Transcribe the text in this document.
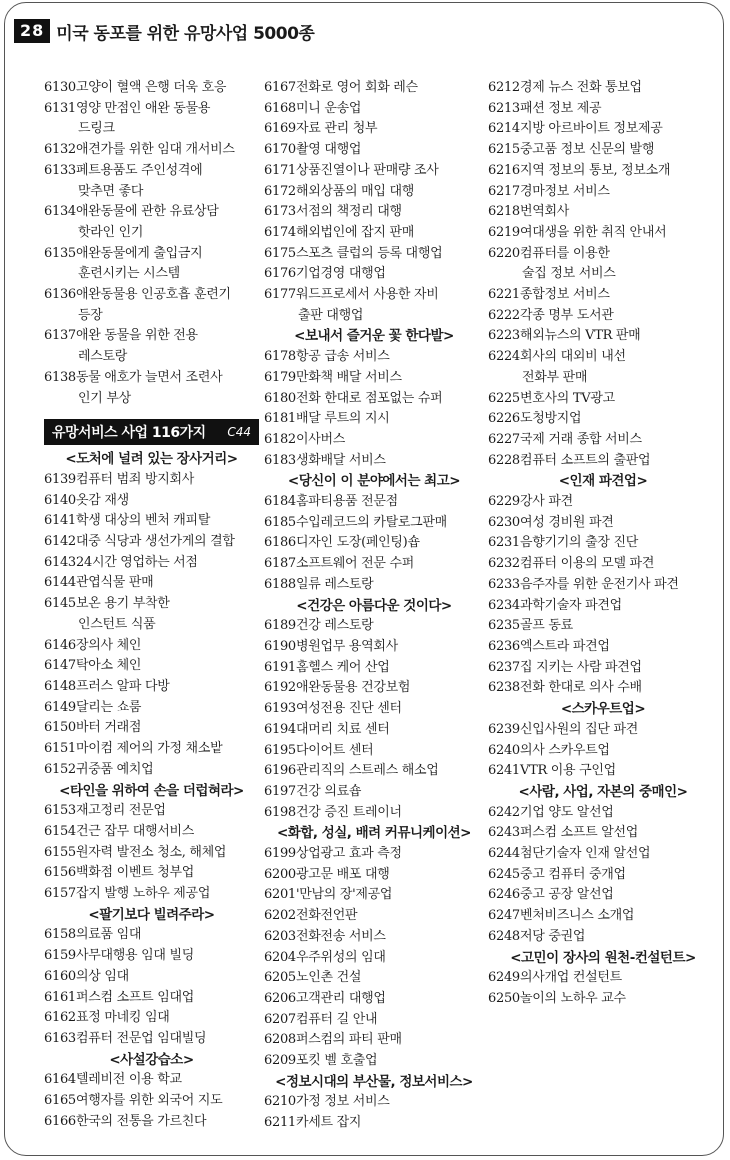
28 미국 동포를 위한 유망사업 5000종
6130 고양이 혈액 은행 더욱 호응
6131 영양 만점인 애완 동물용
드링크
6132 애견가를 위한 임대 개서비스
6133 페트용품도 주인성격에
맞추면 좋다
6134 애완동물에 관한 유료상담
핫라인 인기
6135 애완동물에게 출입금지
훈련시키는 시스템
6136 애완동물용 인공호흡 훈련기
등장
6137 애완 동물을 위한 전용
레스토랑
6138 동물 애호가 늘면서 조련사
인기 부상
유망서비스 사업 116가지 C44
<도처에 널려 있는 장사거리>
6139 컴퓨터 범죄 방지회사
6140 옷감 재생
6141 학생 대상의 벤처 캐피탈
6142 대중 식당과 생선가게의 결합
6143 24시간 영업하는 서점
6144 관엽식물 판매
6145 보온 용기 부착한
인스턴트 식품
6146 장의사 체인
6147 탁아소 체인
6148 프러스 알파 다방
6149 달리는 쇼룸
6150 바터 거래점
6151 마이컴 제어의 가정 채소밭
6152 귀중품 예치업
<타인을 위하여 손을 더럽혀라>
6153 재고정리 전문업
6154 건근 잡무 대행서비스
6155 원자력 발전소 청소, 해체업
6156 백화점 이벤트 청부업
6157 잡지 발행 노하우 제공업
<팔기보다 빌려주라>
6158 의료품 임대
6159 사무대행용 임대 빌딩
6160 의상 임대
6161 퍼스컴 소프트 임대업
6162 표정 마네킹 임대
6163 컴퓨터 전문업 임대빌딩
<사설강습소>
6164 텔레비전 이용 학교
6165 여행자를 위한 외국어 지도
6166 한국의 전통을 가르친다
6167 전화로 영어 회화 레슨
6168 미니 운송업
6169 자료 관리 청부
6170 촬영 대행업
6171 상품진열이나 판매량 조사
6172 해외상품의 매입 대행
6173 서점의 책정리 대행
6174 해외법인에 잡지 판매
6175 스포츠 클럽의 등록 대행업
6176 기업경영 대행업
6177 워드프로세서 사용한 자비
출판 대행업
<보내서 즐거운 꽃 한다발>
6178 항공 급송 서비스
6179 만화책 배달 서비스
6180 전화 한대로 점포없는 슈퍼
6181 배달 루트의 지시
6182 이사버스
6183 생화배달 서비스
<당신이 이 분야에서는 최고>
6184 홈파티용품 전문점
6185 수입레코드의 카탈로그판매
6186 디자인 도장(페인팅)숍
6187 소프트웨어 전문 수퍼
6188 일류 레스토랑
<건강은 아름다운 것이다>
6189 건강 레스토랑
6190 병원업무 용역회사
6191 홈헬스 케어 산업
6192 애완동물용 건강보험
6193 여성전용 진단 센터
6194 대머리 치료 센터
6195 다이어트 센터
6196 관리직의 스트레스 해소업
6197 건강 의료숍
6198 건강 증진 트레이너
<화합, 성실, 배려 커뮤니케이션>
6199 상업광고 효과 측정
6200 광고문 배포 대행
6201 '만남의 장'제공업
6202 전화전언판
6203 전화전송 서비스
6204 우주위성의 임대
6205 노인촌 건설
6206 고객관리 대행업
6207 컴퓨터 길 안내
6208 퍼스컴의 파티 판매
6209 포킷 벨 호출업
<정보시대의 부산물, 정보서비스>
6210 가정 정보 서비스
6211 카세트 잡지
6212 경제 뉴스 전화 통보업
6213 패션 정보 제공
6214 지방 아르바이트 정보제공
6215 중고품 정보 신문의 발행
6216 지역 정보의 통보, 정보소개
6217 경마정보 서비스
6218 번역회사
6219 여대생을 위한 취직 안내서
6220 컴퓨터를 이용한
술집 정보 서비스
6221 종합정보 서비스
6222 각종 명부 도서관
6223 해외뉴스의 VTR 판매
6224 회사의 대외비 내선
전화부 판매
6225 변호사의 TV광고
6226 도청방지업
6227 국제 거래 종합 서비스
6228 컴퓨터 소프트의 출판업
<인재 파견업>
6229 강사 파견
6230 여성 경비원 파견
6231 음향기기의 출장 진단
6232 컴퓨터 이용의 모델 파견
6233 음주자를 위한 운전기사 파견
6234 과학기술자 파견업
6235 골프 동료
6236 엑스트라 파견업
6237 집 지키는 사람 파견업
6238 전화 한대로 의사 수배
<스카우트업>
6239 신입사원의 집단 파견
6240 의사 스카우트업
6241 VTR 이용 구인업
<사람, 사업, 자본의 중매인>
6242 기업 양도 알선업
6243 퍼스컴 소프트 알선업
6244 첨단기술자 인재 알선업
6245 중고 컴퓨터 중개업
6246 중고 공장 알선업
6247 벤처비즈니스 소개업
6248 저당 중권업
<고민이 장사의 원천-컨설턴트>
6249 의사개업 컨설턴트
6250 놀이의 노하우 교수
